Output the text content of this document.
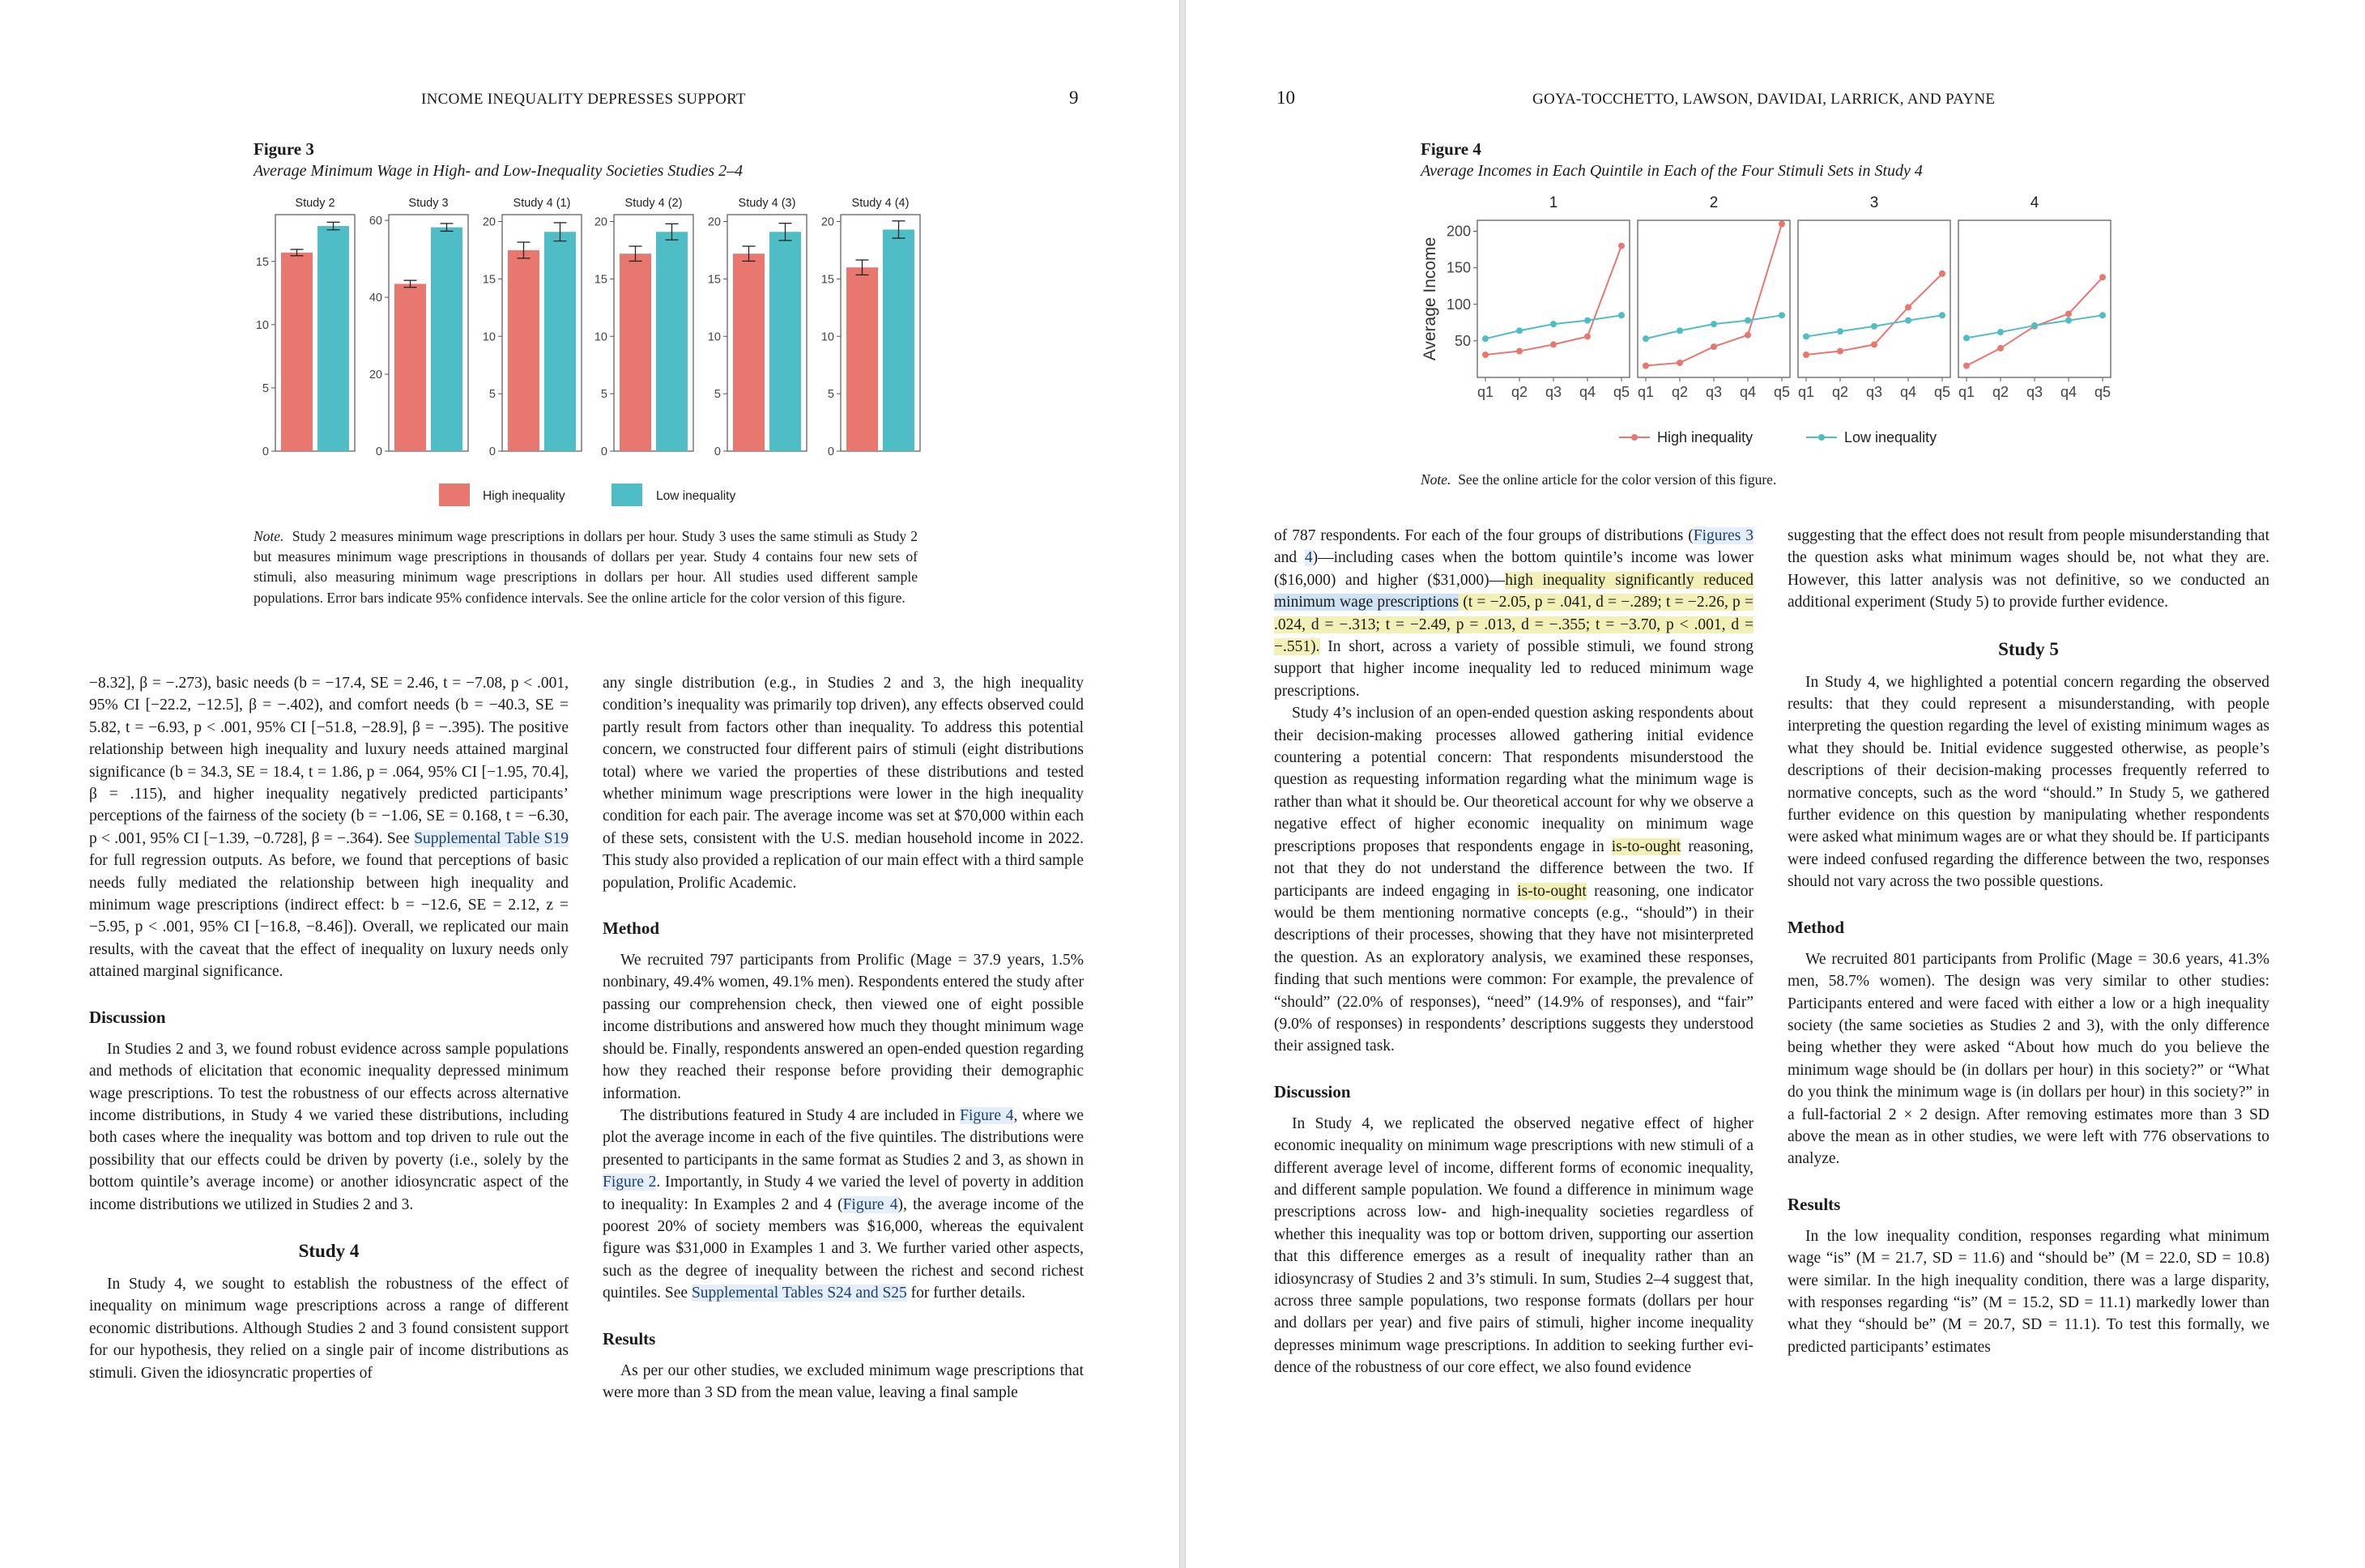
INCOME INEQUALITY DEPRESSES SUPPORT	9
Figure 3
Average Minimum Wage in High- and Low-Inequality Societies Studies 2–4
Study 2
0
5
10
15
Study 3
0
20
40
60
Study 4 (1)
0
5
10
15
20
Study 4 (2)
0
5
10
15
20
Study 4 (3)
0
5
10
15
20
Study 4 (4)
0
5
10
15
20
High inequality	Low inequality
Note. Study 2 measures minimum wage prescriptions in dollars per hour. Study 3 uses the same stimuli as Study 2 but measures minimum wage prescriptions in thousands of dollars per year. Study 4 contains four new sets of stimuli, also measuring minimum wage prescriptions in dollars per hour. All studies used different sample populations. Error bars indicate 95% confidence intervals. See the online article for the color version of this figure.

−8.32], β = −.273), basic needs (b = −17.4, SE = 2.46, t = −7.08, p < .001, 95% CI [−22.2, −12.5], β = −.402), and comfort needs (b = −40.3, SE = 5.82, t = −6.93, p < .001, 95% CI [−51.8, −28.9], β = −.395). The positive relationship between high inequality and luxury needs attained marginal significance (b = 34.3, SE = 18.4, t = 1.86, p = .064, 95% CI [−1.95, 70.4], β = .115), and higher inequality negatively predicted participants’ perceptions of the fairness of the society (b = −1.06, SE = 0.168, t = −6.30, p < .001, 95% CI [−1.39, −0.728], β = −.364). See Supplemental Table S19 for full regression outputs. As before, we found that perceptions of basic needs fully mediated the relationship between high inequality and minimum wage prescriptions (indirect effect: b = −12.6, SE = 2.12, z = −5.95, p < .001, 95% CI [−16.8, −8.46]). Overall, we replicated our main results, with the caveat that the effect of inequality on luxury needs only attained marginal significance.

Discussion

In Studies 2 and 3, we found robust evidence across sample populations and methods of elicitation that economic inequality depressed minimum wage prescriptions. To test the robustness of our effects across alternative income distributions, in Study 4 we varied these distributions, including both cases where the inequality was bottom and top driven to rule out the possibility that our effects could be driven by poverty (i.e., solely by the bottom quintile’s average income) or another idiosyncratic aspect of the income distributions we utilized in Studies 2 and 3.

Study 4

In Study 4, we sought to establish the robustness of the effect of inequality on minimum wage prescriptions across a range of different economic distributions. Although Studies 2 and 3 found consistent support for our hypothesis, they relied on a single pair of income distributions as stimuli. Given the idiosyncratic properties of

any single distribution (e.g., in Studies 2 and 3, the high inequality condition’s inequality was primarily top driven), any effects observed could partly result from factors other than inequality. To address this potential concern, we constructed four different pairs of stimuli (eight distributions total) where we varied the properties of these distributions and tested whether minimum wage prescriptions were lower in the high inequality condition for each pair. The average income was set at $70,000 within each of these sets, consistent with the U.S. median household income in 2022. This study also provided a replication of our main effect with a third sample population, Prolific Academic.

Method

We recruited 797 participants from Prolific (Mage = 37.9 years, 1.5% nonbinary, 49.4% women, 49.1% men). Respondents entered the study after passing our comprehension check, then viewed one of eight possible income distributions and answered how much they thought minimum wage should be. Finally, respondents answered an open-ended question regarding how they reached their response before providing their demographic information.

The distributions featured in Study 4 are included in Figure 4, where we plot the average income in each of the five quintiles. The distributions were presented to participants in the same format as Studies 2 and 3, as shown in Figure 2. Importantly, in Study 4 we varied the level of poverty in addition to inequality: In Examples 2 and 4 (Figure 4), the average income of the poorest 20% of society members was $16,000, whereas the equivalent figure was $31,000 in Examples 1 and 3. We further varied other aspects, such as the degree of inequality between the richest and second richest quintiles. See Supplemental Tables S24 and S25 for further details.

Results

As per our other studies, we excluded minimum wage prescriptions that were more than 3 SD from the mean value, leaving a final sample

10	GOYA-TOCCHETTO, LAWSON, DAVIDAI, LARRICK, AND PAYNE
Figure 4
Average Incomes in Each Quintile in Each of the Four Stimuli Sets in Study 4
Average Income
1
50
100
150
200
q1 q2 q3 q4 q5
2
q1 q2 q3 q4 q5
3
q1 q2 q3 q4 q5
4
q1 q2 q3 q4 q5
High inequality	Low inequality
Note. See the online article for the color version of this figure.

of 787 respondents. For each of the four groups of distributions (Figures 3 and 4)—including cases when the bottom quintile’s income was lower ($16,000) and higher ($31,000)—high inequality significantly reduced minimum wage prescriptions (t = −2.05, p = .041, d = −.289; t = −2.26, p = .024, d = −.313; t = −2.49, p = .013, d = −.355; t = −3.70, p < .001, d = −.551). In short, across a variety of possible stimuli, we found strong support that higher income inequality led to reduced minimum wage prescriptions.

Study 4’s inclusion of an open-ended question asking respondents about their decision-making processes allowed gathering initial evidence countering a potential concern: That respondents misunderstood the question as requesting information regarding what the minimum wage is rather than what it should be. Our theoretical account for why we observe a negative effect of higher economic inequality on minimum wage prescriptions proposes that respondents engage in is-to-ought reasoning, not that they do not understand the difference between the two. If participants are indeed engaging in is-to-ought reasoning, one indicator would be them mentioning normative concepts (e.g., “should”) in their descriptions of their processes, showing that they have not misinterpreted the question. As an exploratory analysis, we examined these responses, finding that such mentions were common: For example, the prevalence of “should” (22.0% of responses), “need” (14.9% of responses), and “fair” (9.0% of responses) in respondents’ descriptions suggests they understood their assigned task.

Discussion

In Study 4, we replicated the observed negative effect of higher economic inequality on minimum wage prescriptions with new stimuli of a different average level of income, different forms of economic inequality, and different sample population. We found a difference in minimum wage prescriptions across low- and high-inequality societies regardless of whether this inequality was top or bottom driven, supporting our assertion that this difference emerges as a result of inequality rather than an idiosyncrasy of Studies 2 and 3’s stimuli. In sum, Studies 2–4 suggest that, across three sample populations, two response formats (dollars per hour and dollars per year) and five pairs of stimuli, higher income inequality depresses minimum wage prescriptions. In addition to seeking further evidence of the robustness of our core effect, we also found evidence

suggesting that the effect does not result from people misunderstanding that the question asks what minimum wages should be, not what they are. However, this latter analysis was not definitive, so we conducted an additional experiment (Study 5) to provide further evidence.

Study 5

In Study 4, we highlighted a potential concern regarding the observed results: that they could represent a misunderstanding, with people interpreting the question regarding the level of existing minimum wages as what they should be. Initial evidence suggested otherwise, as people’s descriptions of their decision-making processes frequently referred to normative concepts, such as the word “should.” In Study 5, we gathered further evidence on this question by manipulating whether respondents were asked what minimum wages are or what they should be. If participants were indeed confused regarding the difference between the two, responses should not vary across the two possible questions.

Method

We recruited 801 participants from Prolific (Mage = 30.6 years, 41.3% men, 58.7% women). The design was very similar to other studies: Participants entered and were faced with either a low or a high inequality society (the same societies as Studies 2 and 3), with the only difference being whether they were asked “About how much do you believe the minimum wage should be (in dollars per hour) in this society?” or “What do you think the minimum wage is (in dollars per hour) in this society?” in a full-factorial 2 × 2 design. After removing estimates more than 3 SD above the mean as in other studies, we were left with 776 observations to analyze.

Results

In the low inequality condition, responses regarding what minimum wage “is” (M = 21.7, SD = 11.6) and “should be” (M = 22.0, SD = 10.8) were similar. In the high inequality condition, there was a large disparity, with responses regarding “is” (M = 15.2, SD = 11.1) markedly lower than what they “should be” (M = 20.7, SD = 11.1). To test this formally, we predicted participants’ estimates
